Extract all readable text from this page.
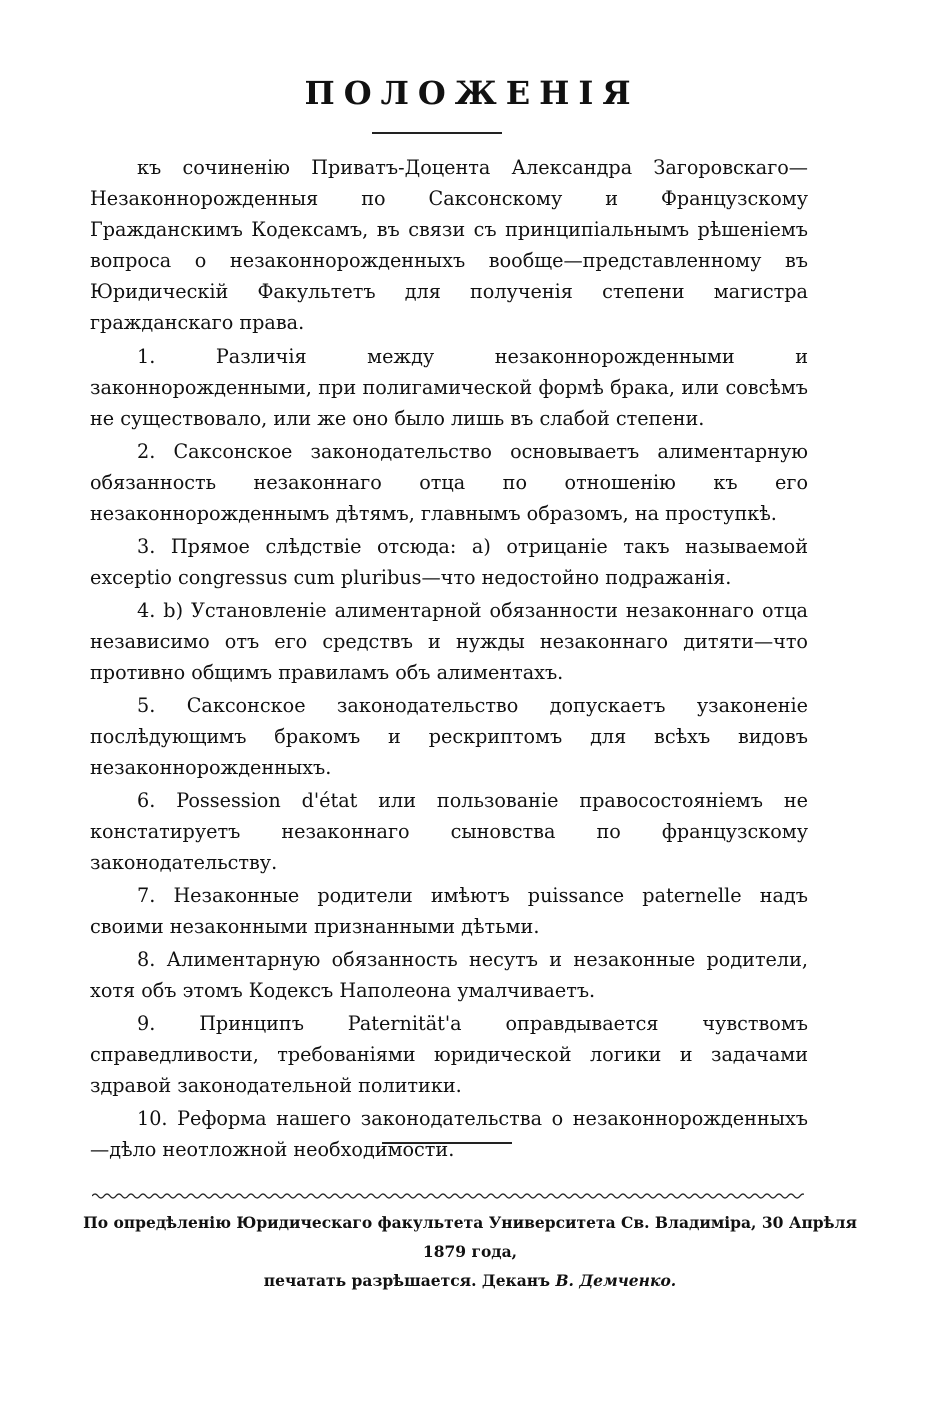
ПОЛОЖЕНІЯ

къ сочиненію Приватъ-Доцента Александра Загоровскаго—Незаконнорожденныя по Саксонскому и Французскому Гражданскимъ Кодексамъ, въ связи съ принципіальнымъ рѣшеніемъ вопроса о незаконнорожденныхъ вообще—представленному въ Юридическій Факультетъ для полученія степени магистра гражданскаго права.

1.	Различія между незаконнорожденными и законнорожденными, при полигамической формѣ брака, или совсѣмъ не существовало, или же оно было лишь въ слабой степени.

2. Саксонское законодательство основываетъ алиментарную обязанность незаконнаго отца по отношенію къ его незаконнорожденнымъ дѣтямъ, главнымъ образомъ, на проступкѣ.

3. Прямое слѣдствіе отсюда: a) отрицаніе такъ называемой exceptio congressus cum pluribus—что недостойно подражанія.

4. b) Установленіе алиментарной обязанности незаконнаго отца независимо отъ его средствъ и нужды незаконнаго дитяти—что противно общимъ правиламъ объ алиментахъ.

5. Саксонское законодательство допускаетъ узаконеніе послѣдующимъ бракомъ и рескриптомъ для всѣхъ видовъ незаконнорожденныхъ.

6. Possession d'état или пользованіе правосостояніемъ не констатируетъ незаконнаго сыновства по французскому законодательству.

7. Незаконные родители имѣютъ puissance paternelle надъ своими незаконными признанными дѣтьми.

8. Алиментарную обязанность несутъ и незаконные родители, хотя объ этомъ Кодексъ Наполеона умалчиваетъ.

9. Принципъ Paternität'а оправдывается чувствомъ справедливости, требованіями юридической логики и задачами здравой законодательной политики.

10. Реформа нашего законодательства о незаконнорожденныхъ—дѣло неотложной необходимости.

По опредѣленію Юридическаго факультета Университета Св. Владиміра, 30 Апрѣля 1879 года,
печатать разрѣшается. Деканъ В. Демченко.
